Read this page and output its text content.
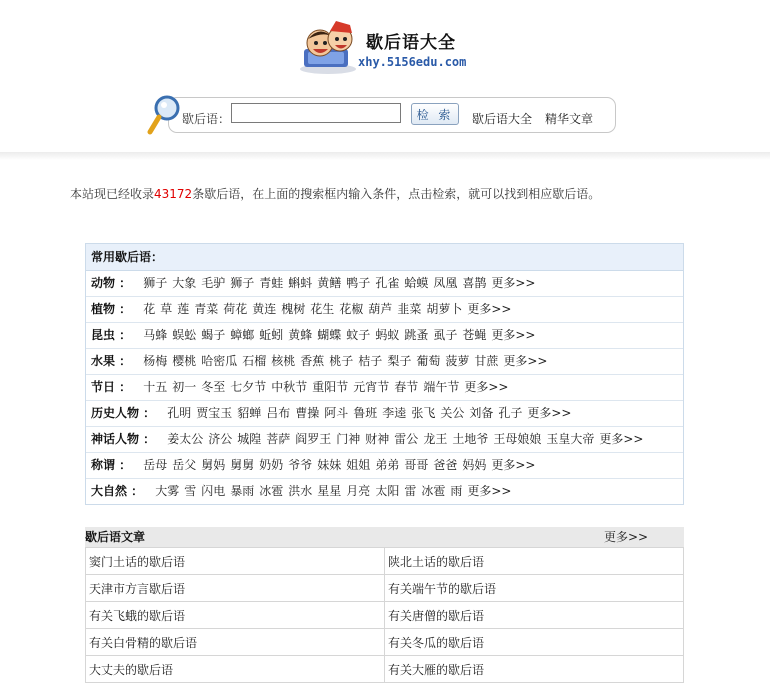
歇后语大全
xhy.5156edu.com
歇后语：	检 索	歇后语大全 精华文章
本站现已经收录43172条歇后语，在上面的搜索框内输入条件，点击检索，就可以找到相应歇后语。
常用歇后语：
动物 ： 狮子 大象 毛驴 狮子 青蛙 蝌蚪 黄鳝 鸭子 孔雀 蛤蟆 凤凰 喜鹊 更多>>
植物 ： 花 草 莲 青菜 荷花 黄连 槐树 花生 花椒 葫芦 韭菜 胡萝卜 更多>>
昆虫 ： 马蜂 蜈蚣 蝎子 蟑螂 蚯蚓 黄蜂 蝴蝶 蚊子 蚂蚁 跳蚤 虱子 苍蝇 更多>>
水果 ： 杨梅 樱桃 哈密瓜 石榴 核桃 香蕉 桃子 桔子 梨子 葡萄 菠萝 甘蔗 更多>>
节日 ： 十五 初一 冬至 七夕节 中秋节 重阳节 元宵节 春节 端午节 更多>>
历史人物 ： 孔明 贾宝玉 貂蝉 吕布 曹操 阿斗 鲁班 李逵 张飞 关公 刘备 孔子 更多>>
神话人物 ： 姜太公 济公 城隍 菩萨 阎罗王 门神 财神 雷公 龙王 土地爷 王母娘娘 玉皇大帝 更多>>
称谓 ： 岳母 岳父 舅妈 舅舅 奶奶 爷爷 妹妹 姐姐 弟弟 哥哥 爸爸 妈妈 更多>>
大自然 ： 大雾 雪 闪电 暴雨 冰雹 洪水 星星 月亮 太阳 雷 冰雹 雨 更多>>
歇后语文章	更多>>
窦门土话的歇后语	陕北土话的歇后语
天津市方言歇后语	有关端午节的歇后语
有关飞蛾的歇后语	有关唐僧的歇后语
有关白骨精的歇后语	有关冬瓜的歇后语
大丈夫的歇后语	有关大雁的歇后语
